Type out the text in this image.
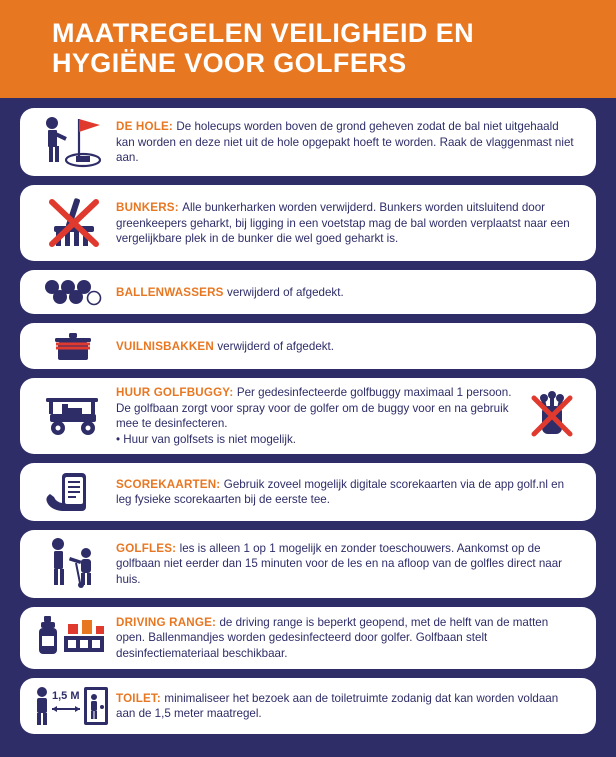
MAATREGELEN VEILIGHEID EN HYGIËNE VOOR GOLFERS
DE HOLE: De holecups worden boven de grond geheven zodat de bal niet uitgehaald kan worden en deze niet uit de hole opgepakt hoeft te worden. Raak de vlaggenmast niet aan.
BUNKERS: Alle bunkerharken worden verwijderd. Bunkers worden uitsluitend door greenkeepers geharkt, bij ligging in een voetstap mag de bal worden verplaatst naar een vergelijkbare plek in de bunker die wel goed geharkt is.
BALLENWASSERS verwijderd of afgedekt.
VUILNISBAKKEN verwijderd of afgedekt.
HUUR GOLFBUGGY: Per gedesinfecteerde golfbuggy maximaal 1 persoon. De golfbaan zorgt voor spray voor de golfer om de buggy voor en na gebruik mee te desinfecteren.
• Huur van golfsets is niet mogelijk.
SCOREKAARTEN: Gebruik zoveel mogelijk digitale scorekaarten via de app golf.nl en leg fysieke scorekaarten bij de eerste tee.
GOLFLES: les is alleen 1 op 1 mogelijk en zonder toeschouwers. Aankomst op de golfbaan niet eerder dan 15 minuten voor de les en na afloop van de golfles direct naar huis.
DRIVING RANGE: de driving range is beperkt geopend, met de helft van de matten open. Ballenmandjes worden gedesinfecteerd door golfer. Golfbaan stelt desinfectiemateriaal beschikbaar.
1,5 M	TOILET: minimaliseer het bezoek aan de toiletruimte zodanig dat kan worden voldaan aan de 1,5 meter maatregel.
